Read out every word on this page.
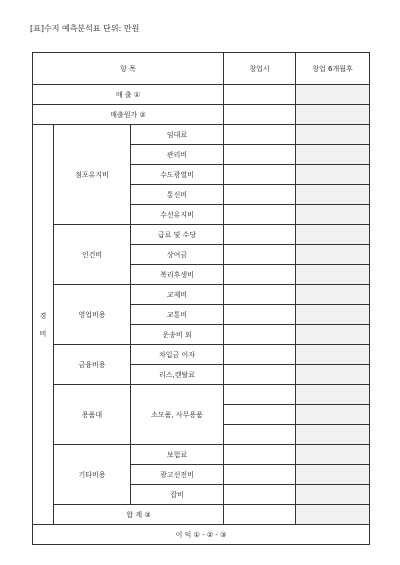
[표]수지 예측분석표 단위: 만원
항 목			창업시	창업 6개월후
매 출 ①				
매출원가 ②				

경
비	점포유지비	임대료		
		관리비		
		수도광열비		
		통신비		
		수선유지비		
	인건비	급료 및 수당		
		상여금		
		복리후생비		
	영업비용	교제비		
		교통비		
		운송비 외		
	금융비용	차입금 이자		
		리스,렌탈료		
	용품대	소모품, 사무용품		

	기타비용	보험료		
		광고선전비		
		잡비		
	합 계 ③			
이 익 ① - ② - ③				
